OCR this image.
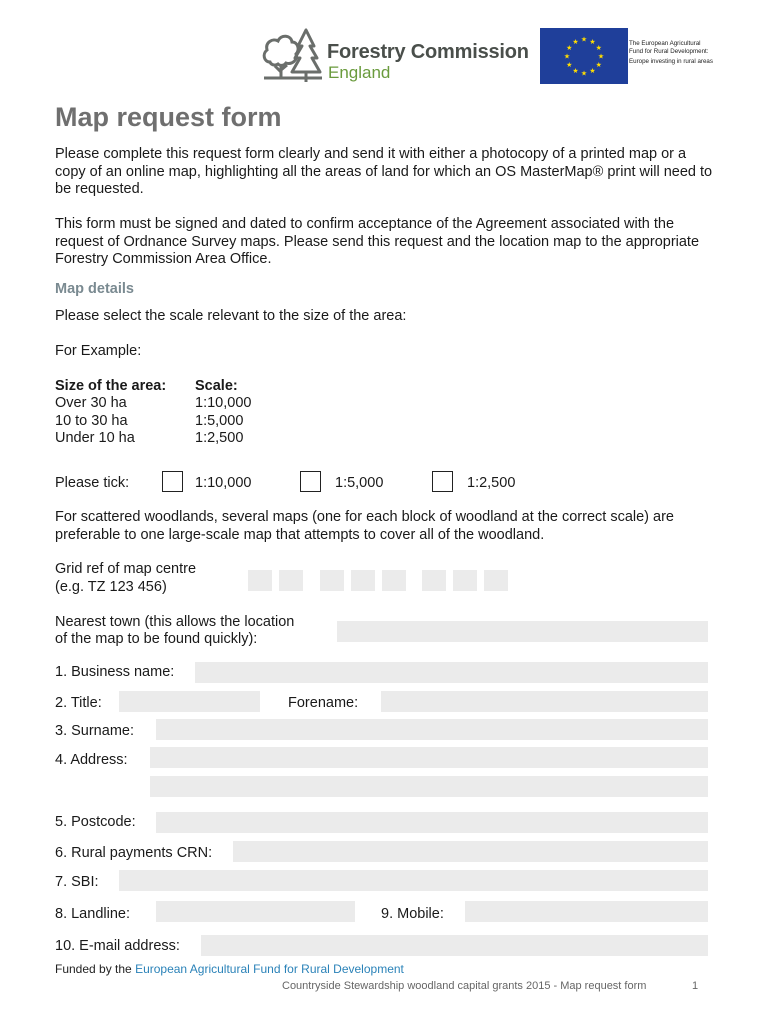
Forestry Commission
England
★ ★
★
★
★
★
★
★
★
★
★
★	The European Agricultural
Fund for Rural Development:
Europe investing in rural areas
Map request form
Please complete this request form clearly and send it with either a photocopy of a printed map or a copy of an online map, highlighting all the areas of land for which an OS MasterMap® print will need to be requested.
This form must be signed and dated to confirm acceptance of the Agreement associated with the request of Ordnance Survey maps. Please send this request and the location map to the appropriate Forestry Commission Area Office.
Map details
Please select the scale relevant to the size of the area:
For Example:
Size of the area: Scale:
Over 30 ha	1:10,000
10 to 30 ha	1:5,000
Under 10 ha	1:2,500
Please tick:	1:10,000	1:5,000	1:2,500
For scattered woodlands, several maps (one for each block of woodland at the correct scale) are preferable to one large-scale map that attempts to cover all of the woodland.
Grid ref of map centre
(e.g. TZ 123 456)
Nearest town (this allows the location
of the map to be found quickly):
1. Business name:
2. Title:	Forename:
3. Surname:
4. Address:
5. Postcode:
6. Rural payments CRN:
7. SBI:
8. Landline:	9. Mobile:
10. E-mail address:
Funded by the European Agricultural Fund for Rural Development
Countryside Stewardship woodland capital grants 2015 - Map request form	1
